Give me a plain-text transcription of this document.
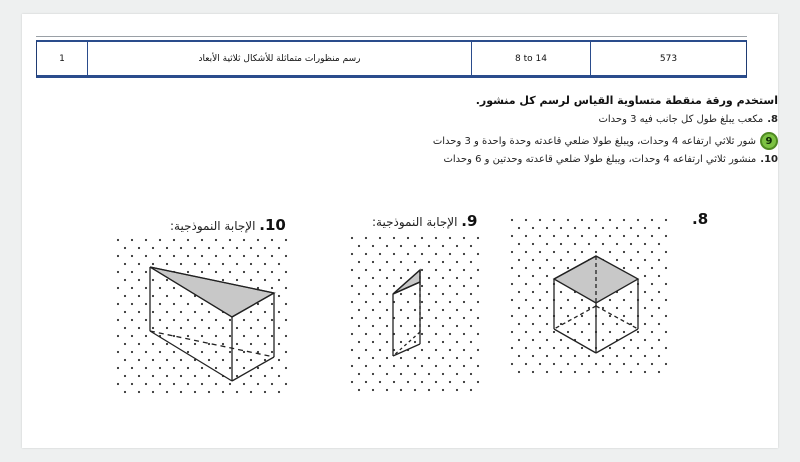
1	رسم منظورات متماثلة للأشكال ثلاثية الأبعاد	8 to 14	573
استخدم ورقة منقطة متساوية القياس لرسم كل منشور.
8.
مكعب يبلغ طول كل جانب فيه 3 وحدات
9
شور ثلاثي ارتفاعه 4 وحدات، ويبلغ طولا ضلعي قاعدته وحدة واحدة و 3 وحدات
10.
منشور ثلاثي ارتفاعه 4 وحدات، ويبلغ طولا ضلعي قاعدته وحدتين و 6 وحدات
8.
9. الإجابة النموذجية:
10. الإجابة النموذجية:
